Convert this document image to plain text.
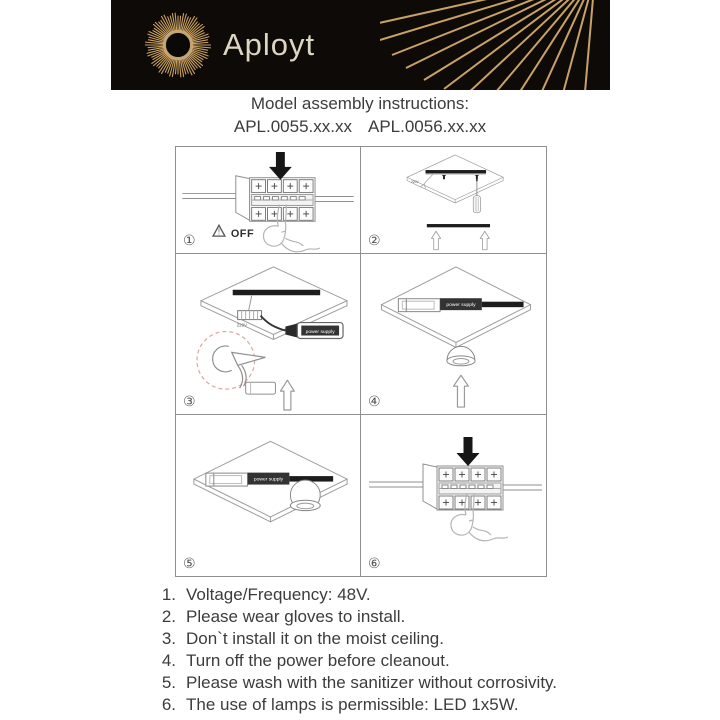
Aployt
Model assembly instructions:
APL.0055.xx.xx APL.0056.xx.xx
! OFF
①
220V
②
220V
power supply
③
power supply
④
power supply
⑤	⑥
1. Voltage/Frequency: 48V.
2. Please wear gloves to install.
3. Don`t install it on the moist ceiling.
4. Turn off the power before cleanout.
5. Please wash with the sanitizer without corrosivity.
6. The use of lamps is permissible: LED 1x5W.
